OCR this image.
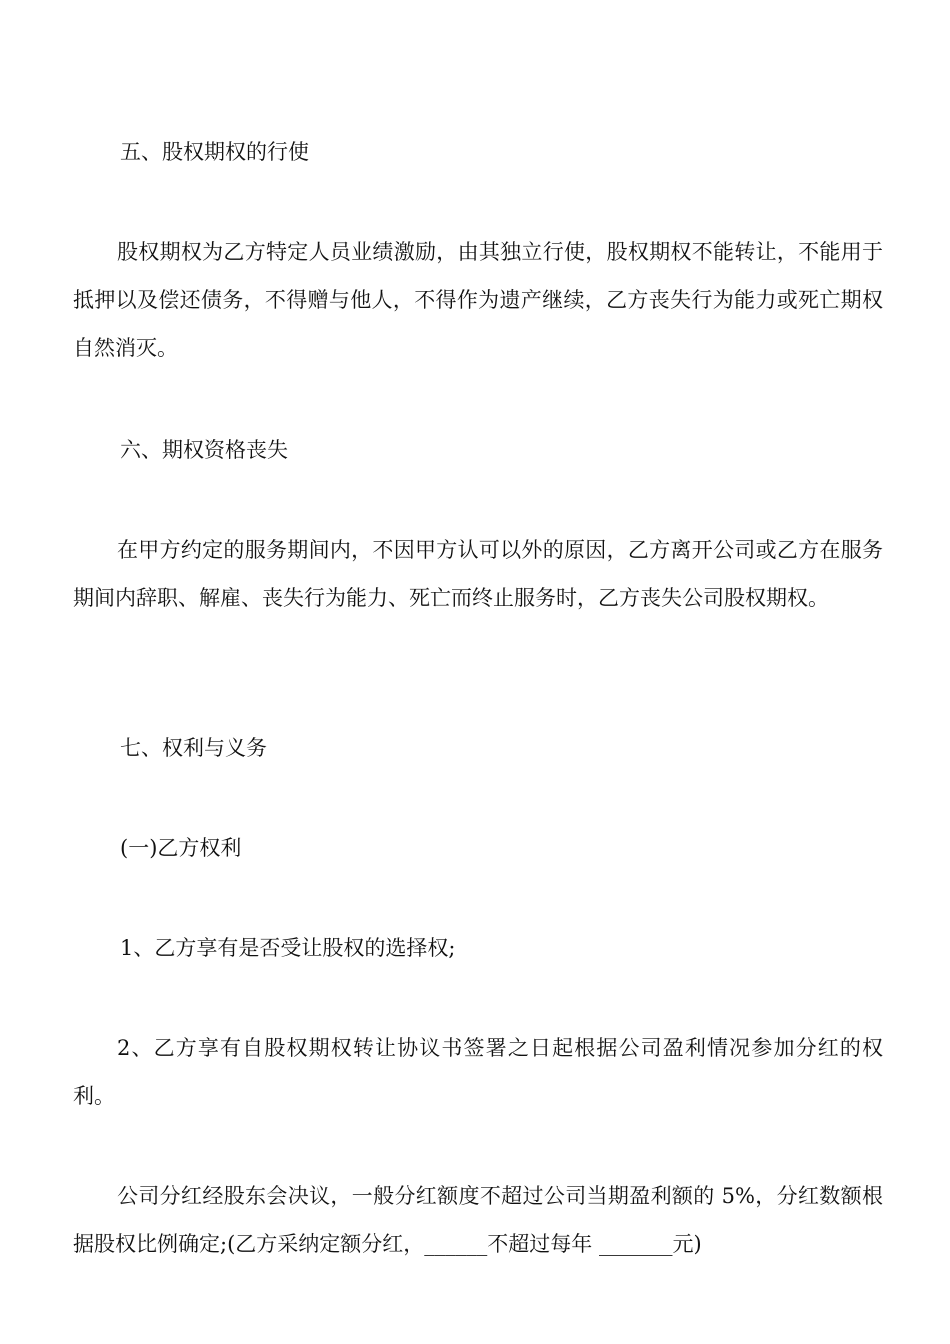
五、股权期权的行使

股权期权为乙方特定人员业绩激励，由其独立行使，股权期权不能转让，不能用于抵押以及偿还债务，不得赠与他人，不得作为遗产继续，乙方丧失行为能力或死亡期权自然消灭。

六、期权资格丧失

在甲方约定的服务期间内，不因甲方认可以外的原因，乙方离开公司或乙方在服务期间内辞职、解雇、丧失行为能力、死亡而终止服务时，乙方丧失公司股权期权。

七、权利与义务

(一)乙方权利

1、乙方享有是否受让股权的选择权;

2、乙方享有自股权期权转让协议书签署之日起根据公司盈利情况参加分红的权利。

公司分红经股东会决议，一般分红额度不超过公司当期盈利额的 5%，分红数额根据股权比例确定;(乙方采纳定额分红，______不超过每年 _______元)
